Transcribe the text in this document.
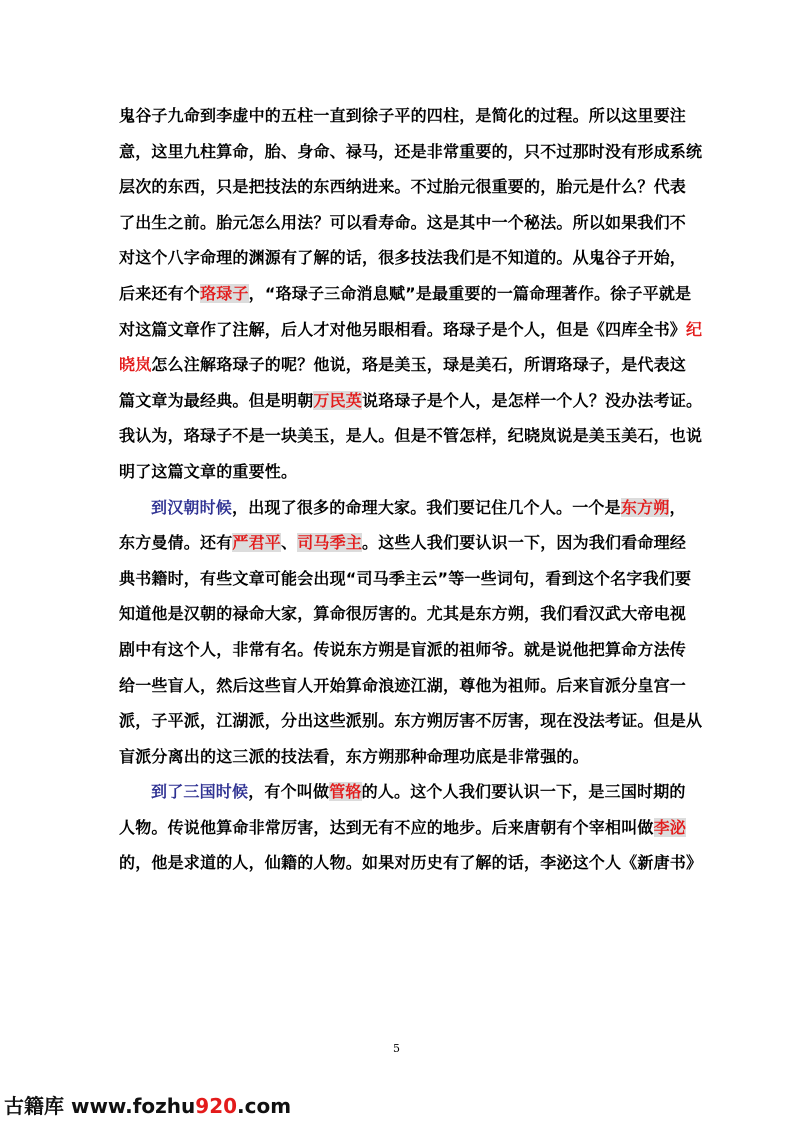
鬼谷子九命到李虚中的五柱一直到徐子平的四柱，是简化的过程。所以这里要注
意，这里九柱算命，胎、身命、禄马，还是非常重要的，只不过那时没有形成系统
层次的东西，只是把技法的东西纳进来。不过胎元很重要的，胎元是什么？代表
了出生之前。胎元怎么用法？可以看寿命。这是其中一个秘法。所以如果我们不
对这个八字命理的渊源有了解的话，很多技法我们是不知道的。从鬼谷子开始，
后来还有个珞琭子，“珞琭子三命消息赋”是最重要的一篇命理著作。徐子平就是
对这篇文章作了注解，后人才对他另眼相看。珞琭子是个人，但是《四库全书》纪
晓岚怎么注解珞琭子的呢？他说，珞是美玉，琭是美石，所谓珞琭子，是代表这
篇文章为最经典。但是明朝万民英说珞琭子是个人，是怎样一个人？没办法考证。
我认为，珞琭子不是一块美玉，是人。但是不管怎样，纪晓岚说是美玉美石，也说
明了这篇文章的重要性。
到汉朝时候，出现了很多的命理大家。我们要记住几个人。一个是东方朔，
东方曼倩。还有严君平、司马季主。这些人我们要认识一下，因为我们看命理经
典书籍时，有些文章可能会出现“司马季主云”等一些词句，看到这个名字我们要
知道他是汉朝的禄命大家，算命很厉害的。尤其是东方朔，我们看汉武大帝电视
剧中有这个人，非常有名。传说东方朔是盲派的祖师爷。就是说他把算命方法传
给一些盲人，然后这些盲人开始算命浪迹江湖，尊他为祖师。后来盲派分皇宫一
派，子平派，江湖派，分出这些派别。东方朔厉害不厉害，现在没法考证。但是从
盲派分离出的这三派的技法看，东方朔那种命理功底是非常强的。
到了三国时候，有个叫做管辂的人。这个人我们要认识一下，是三国时期的
人物。传说他算命非常厉害，达到无有不应的地步。后来唐朝有个宰相叫做李泌
的，他是求道的人，仙籍的人物。如果对历史有了解的话，李泌这个人《新唐书》
5
古籍库 www.fozhu920.com
